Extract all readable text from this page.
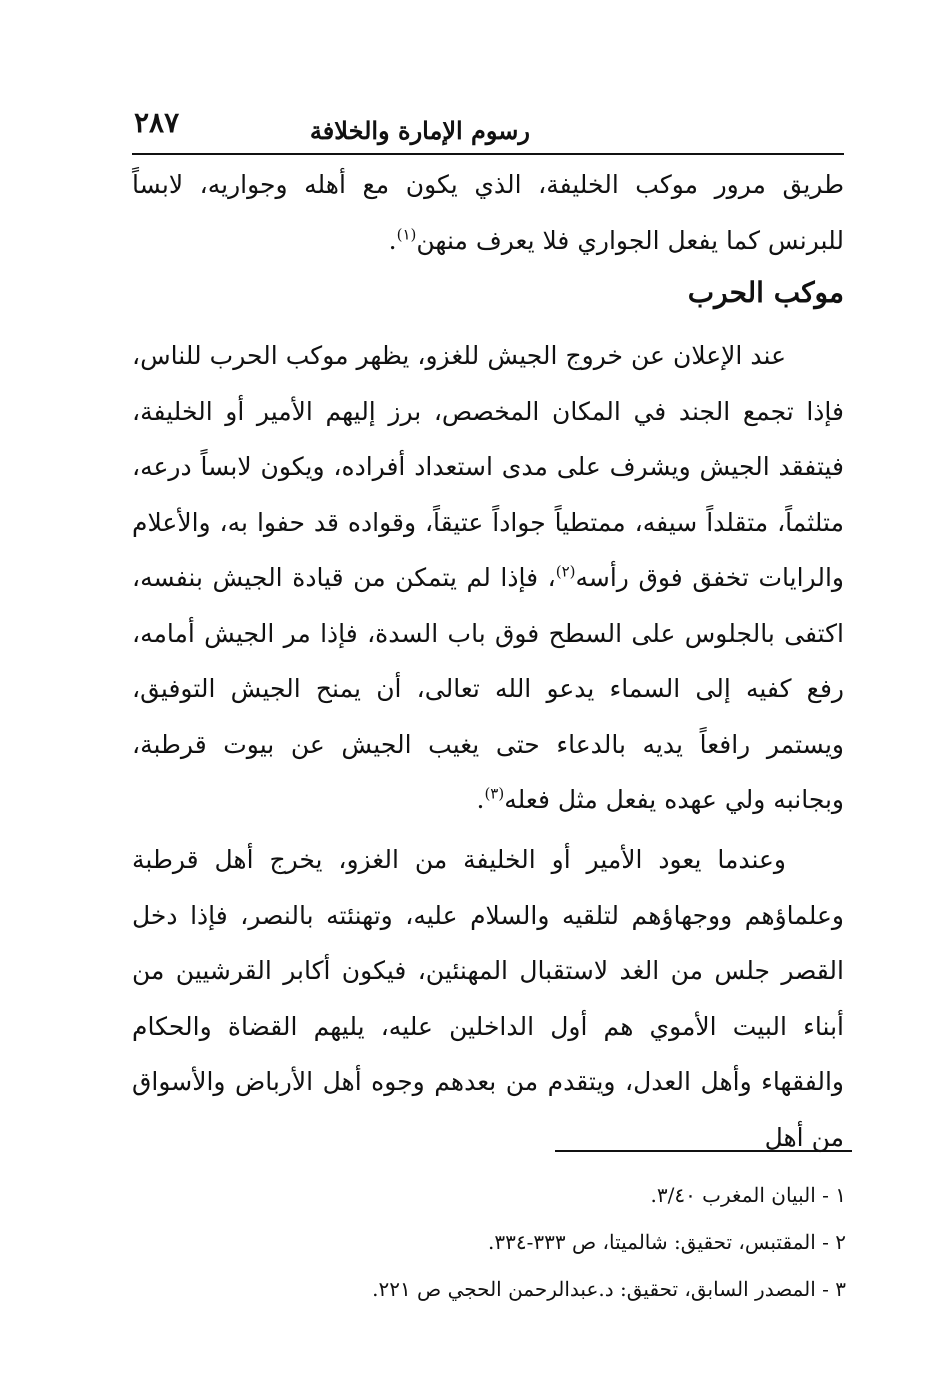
٢٨٧	رسوم الإمارة والخلافة
طريق مرور موكب الخليفة، الذي يكون مع أهله وجواريه، لابساً للبرنس كما يفعل الجواري فلا يعرف منهن$^{(١)}$.
موكب الحرب
عند الإعلان عن خروج الجيش للغزو، يظهر موكب الحرب للناس، فإذا تجمع الجند في المكان المخصص، برز إليهم الأمير أو الخليفة، فيتفقد الجيش ويشرف على مدى استعداد أفراده، ويكون لابساً درعه، متلثماً، متقلداً سيفه، ممتطياً جواداً عتيقاً، وقواده قد حفوا به، والأعلام والرايات تخفق فوق رأسه$^{(٢)}$، فإذا لم يتمكن من قيادة الجيش بنفسه، اكتفى بالجلوس على السطح فوق باب السدة، فإذا مر الجيش أمامه، رفع كفيه إلى السماء يدعو الله تعالى، أن يمنح الجيش التوفيق، ويستمر رافعاً يديه بالدعاء حتى يغيب الجيش عن بيوت قرطبة، وبجانبه ولي عهده يفعل مثل فعله$^{(٣)}$.
وعندما يعود الأمير أو الخليفة من الغزو، يخرج أهل قرطبة وعلماؤهم ووجهاؤهم لتلقيه والسلام عليه، وتهنئته بالنصر، فإذا دخل القصر جلس من الغد لاستقبال المهنئين، فيكون أكابر القرشيين من أبناء البيت الأموي هم أول الداخلين عليه، يليهم القضاة والحكام والفقهاء وأهل العدل، ويتقدم من بعدهم وجوه أهل الأرباض والأسواق من أهل
١ - البيان المغرب ٣/٤٠.
٢ - المقتبس، تحقيق: شالميتا، ص ٣٣٣-٣٣٤.
٣ - المصدر السابق، تحقيق: د.عبدالرحمن الحجي ص ٢٢١.
